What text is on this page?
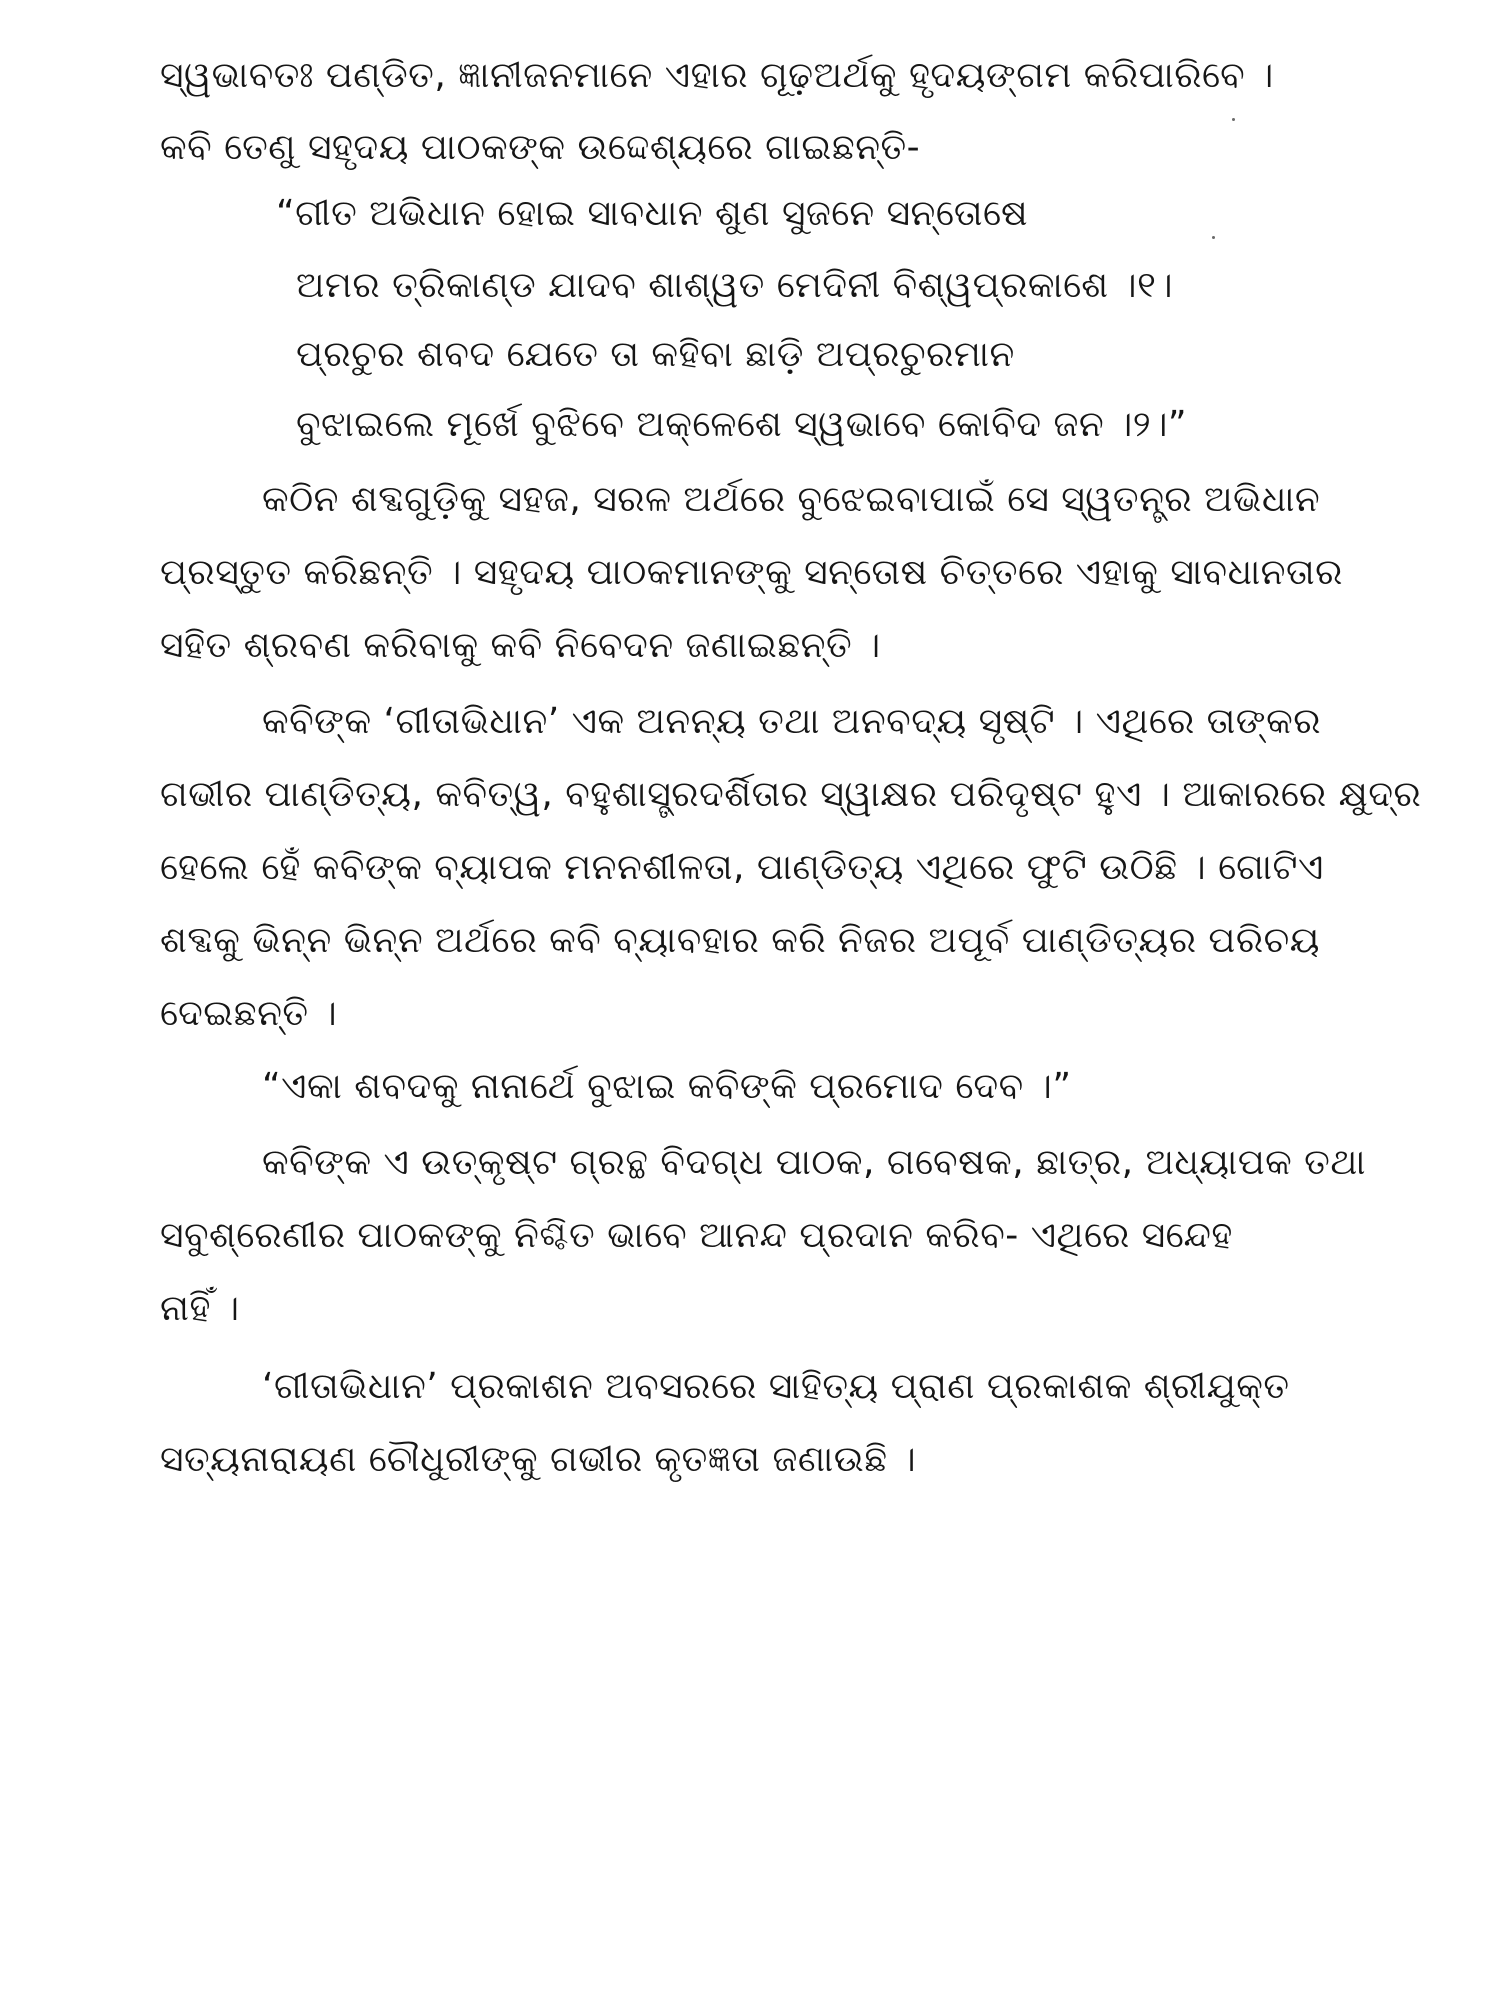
ସ୍ୱଭାବତଃ ପଣ୍ଡିତ, ଜ୍ଞାନୀଜନମାନେ ଏହାର ଗୂଢ଼ଅର୍ଥକୁ ହୃଦୟଙ୍ଗମ କରିପାରିବେ ।
କବି ତେଣୁ ସହୃଦୟ ପାଠକଙ୍କ ଉଦ୍ଦେଶ୍ୟରେ ଗାଇଛନ୍ତି-
“ଗୀତ ଅଭିଧାନ ହୋଇ ସାବଧାନ ଶୁଣ ସୁଜନେ ସନ୍ତୋଷେ
ଅମର ତ୍ରିକାଣ୍ଡ ଯାଦବ ଶାଶ୍ୱତ ମେଦିନୀ ବିଶ୍ୱପ୍ରକାଶେ ।୧।
ପ୍ରଚୁର ଶବଦ ଯେତେ ତା କହିବା ଛାଡ଼ି ଅପ୍ରଚୁରମାନ
ବୁଝାଇଲେ ମୂର୍ଖେ ବୁଝିବେ ଅକ୍ଳେଶେ ସ୍ୱଭାବେ କୋବିଦ ଜନ ।୨।”
କଠିନ ଶବ୍ଦଗୁଡ଼ିକୁ ସହଜ, ସରଳ ଅର୍ଥରେ ବୁଝେଇବାପାଇଁ ସେ ସ୍ୱତନ୍ତ୍ର ଅଭିଧାନ
ପ୍ରସ୍ତୁତ କରିଛନ୍ତି । ସହୃଦୟ ପାଠକମାନଙ୍କୁ ସନ୍ତୋଷ ଚିତ୍ତରେ ଏହାକୁ ସାବଧାନତାର
ସହିତ ଶ୍ରବଣ କରିବାକୁ କବି ନିବେଦନ ଜଣାଇଛନ୍ତି ।
କବିଙ୍କ ‘ଗୀତାଭିଧାନ’ ଏକ ଅନନ୍ୟ ତଥା ଅନବଦ୍ୟ ସୃଷ୍ଟି । ଏଥିରେ ତାଙ୍କର
ଗଭୀର ପାଣ୍ଡିତ୍ୟ, କବିତ୍ୱ, ବହୁଶାସ୍ତ୍ରଦର୍ଶିତାର ସ୍ୱାକ୍ଷର ପରିଦୃଷ୍ଟ ହୁଏ । ଆକାରରେ କ୍ଷୁଦ୍ର
ହେଲେ ହେଁ କବିଙ୍କ ବ୍ୟାପକ ମନନଶୀଳତା, ପାଣ୍ଡିତ୍ୟ ଏଥିରେ ଫୁଟି ଉଠିଛି । ଗୋଟିଏ
ଶବ୍ଦକୁ ଭିନ୍ନ ଭିନ୍ନ ଅର୍ଥରେ କବି ବ୍ୟାବହାର କରି ନିଜର ଅପୂର୍ବ ପାଣ୍ଡିତ୍ୟର ପରିଚୟ
ଦେଇଛନ୍ତି ।
“ଏକା ଶବଦକୁ ନାନାର୍ଥେ ବୁଝାଇ କବିଙ୍କି ପ୍ରମୋଦ ଦେବ ।”
କବିଙ୍କ ଏ ଉତ୍କୃଷ୍ଟ ଗ୍ରନ୍ଥ ବିଦଗ୍ଧ ପାଠକ, ଗବେଷକ, ଛାତ୍ର, ଅଧ୍ୟାପକ ତଥା
ସବୁଶ୍ରେଣୀର ପାଠକଙ୍କୁ ନିଶ୍ଚିତ ଭାବେ ଆନନ୍ଦ ପ୍ରଦାନ କରିବ- ଏଥିରେ ସନ୍ଦେହ
ନାହିଁ ।
‘ଗୀତାଭିଧାନ’ ପ୍ରକାଶନ ଅବସରରେ ସାହିତ୍ୟ ପ୍ରାଣ ପ୍ରକାଶକ ଶ୍ରୀଯୁକ୍ତ
ସତ୍ୟନାରାୟଣ ଚୌଧୁରୀଙ୍କୁ ଗଭୀର କୃତଜ୍ଞତା ଜଣାଉଛି ।
